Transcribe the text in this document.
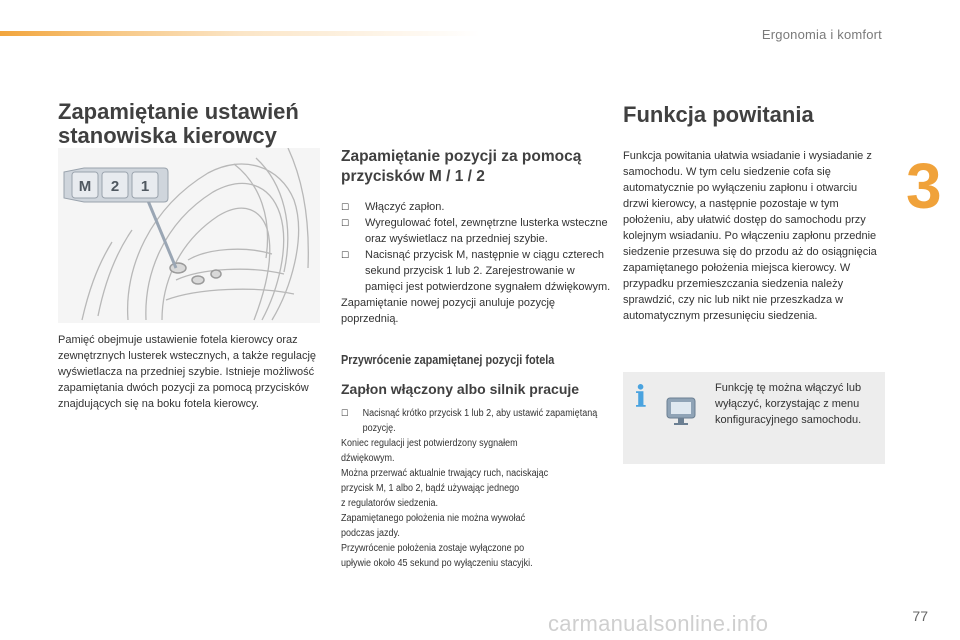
Ergonomia i komfort
3
Zapamiętanie ustawień
stanowiska kierowcy
M 2 1

Pamięć obejmuje ustawienie fotela kierowcy oraz zewnętrznych lusterek wstecznych, a także regulację wyświetlacza na przedniej szybie. Istnieje możliwość zapamiętania dwóch pozycji za pomocą przycisków znajdujących się na boku fotela kierowcy.

Zapamiętanie pozycji za pomocą
przycisków M / 1 / 2

☐ Włączyć zapłon.

☐ Wyregulować fotel, zewnętrzne lusterka wsteczne oraz wyświetlacz na przedniej szybie.

☐ Nacisnąć przycisk M, następnie w ciągu czterech sekund przycisk 1 lub 2. Zarejestrowanie w pamięci jest potwierdzone sygnałem dźwiękowym.

Zapamiętanie nowej pozycji anuluje pozycję poprzednią.

Przywrócenie zapamiętanej pozycji fotela
Zapłon włączony albo silnik pracuje

☐ Nacisnąć krótko przycisk 1 lub 2, aby ustawić zapamiętaną pozycję.

Koniec regulacji jest potwierdzony sygnałem
dźwiękowym.
Można przerwać aktualnie trwający ruch, naciskając
przycisk M, 1 albo 2, bądź używając jednego
z regulatorów siedzenia.
Zapamiętanego położenia nie można wywołać
podczas jazdy.
Przywrócenie położenia zostaje wyłączone po
upływie około 45 sekund po wyłączeniu stacyjki.
Funkcja powitania

Funkcja powitania ułatwia wsiadanie i wysiadanie z samochodu. W tym celu siedzenie cofa się automatycznie po wyłączeniu zapłonu i otwarciu drzwi kierowcy, a następnie pozostaje w tym położeniu, aby ułatwić dostęp do samochodu przy kolejnym wsiadaniu. Po włączeniu zapłonu przednie siedzenie przesuwa się do przodu aż do osiągnięcia zapamiętanego położenia miejsca kierowcy. W przypadku przemieszczania siedzenia należy sprawdzić, czy nic lub nikt nie przeszkadza w automatycznym przesunięciu siedzenia.

i	Funkcję tę można włączyć lub wyłączyć, korzystając z menu konfiguracyjnego samochodu.
carmanualsonline.info	77
